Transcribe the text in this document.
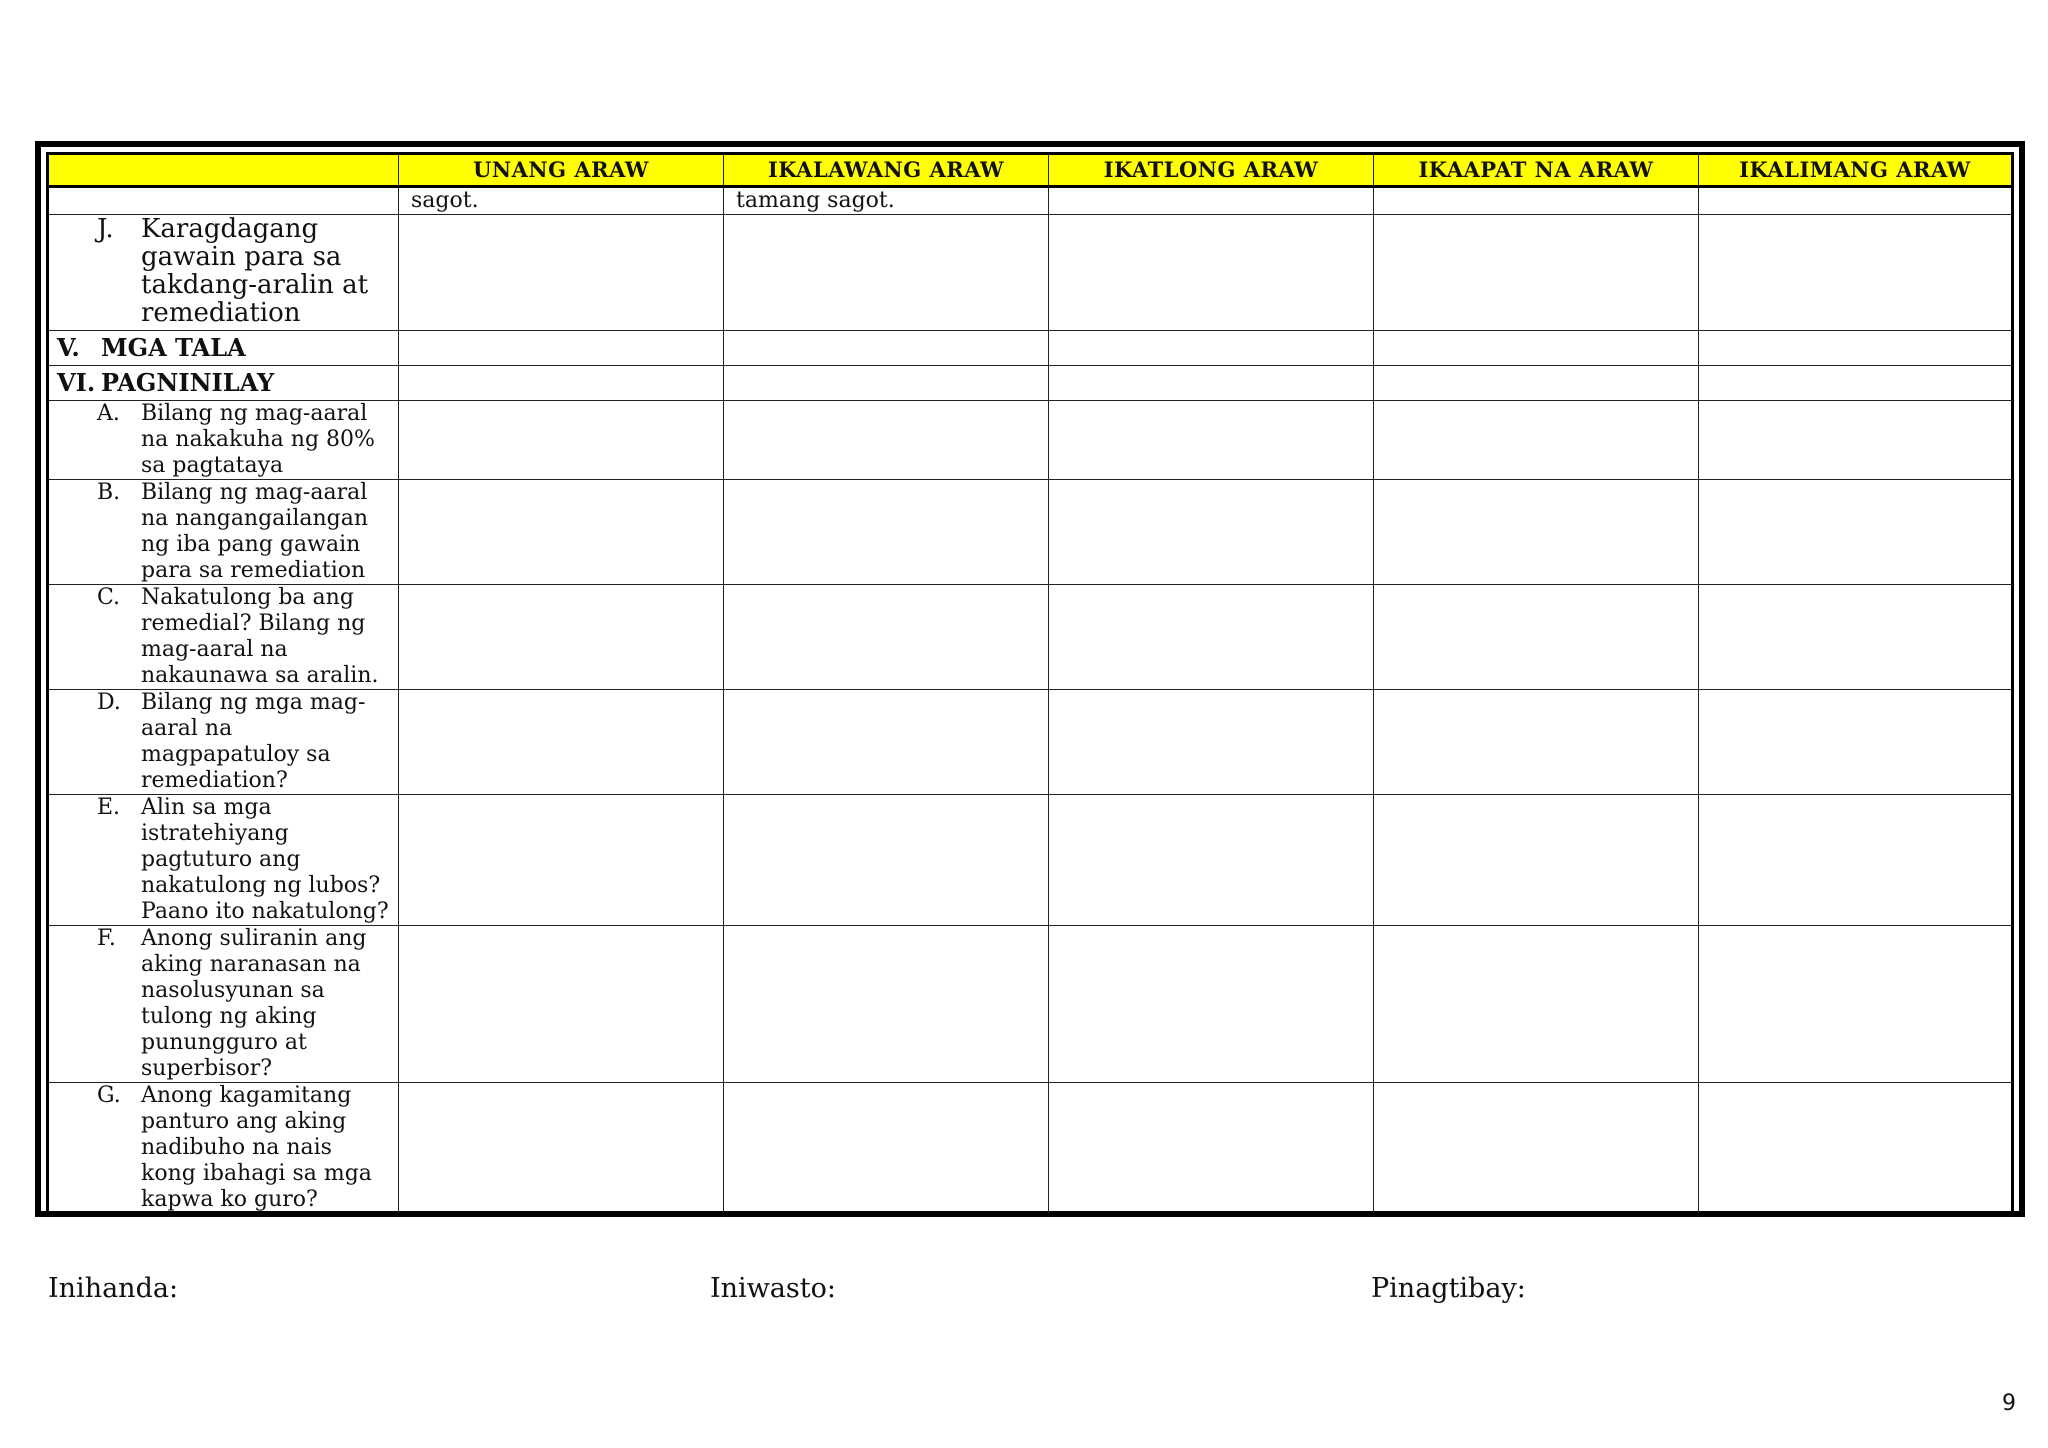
	UNANG ARAW	IKALAWANG ARAW	IKATLONG ARAW	IKAAPAT NA ARAW	IKALIMANG ARAW

	sagot.	tamang sagot.			

J. Karagdagang gawain para sa takdang-aralin at remediation					

V. MGA TALA					

VI. PAGNINILAY					

A. Bilang ng mag-aaral na nakakuha ng 80% sa pagtataya					

B. Bilang ng mag-aaral na nangangailangan ng iba pang gawain para sa remediation					

C. Nakatulong ba ang remedial? Bilang ng mag-aaral na nakaunawa sa aralin.					

D. Bilang ng mga mag-aaral na magpapatuloy sa remediation?					

E. Alin sa mga istratehiyang pagtuturo ang nakatulong ng lubos? Paano ito nakatulong?					

F. Anong suliranin ang aking naranasan na nasolusyunan sa tulong ng aking punungguro at superbisor?					

G. Anong kagamitang panturo ang aking nadibuho na nais kong ibahagi sa mga kapwa ko guro?					

Inihanda:	Iniwasto:	Pinagtibay:
9
